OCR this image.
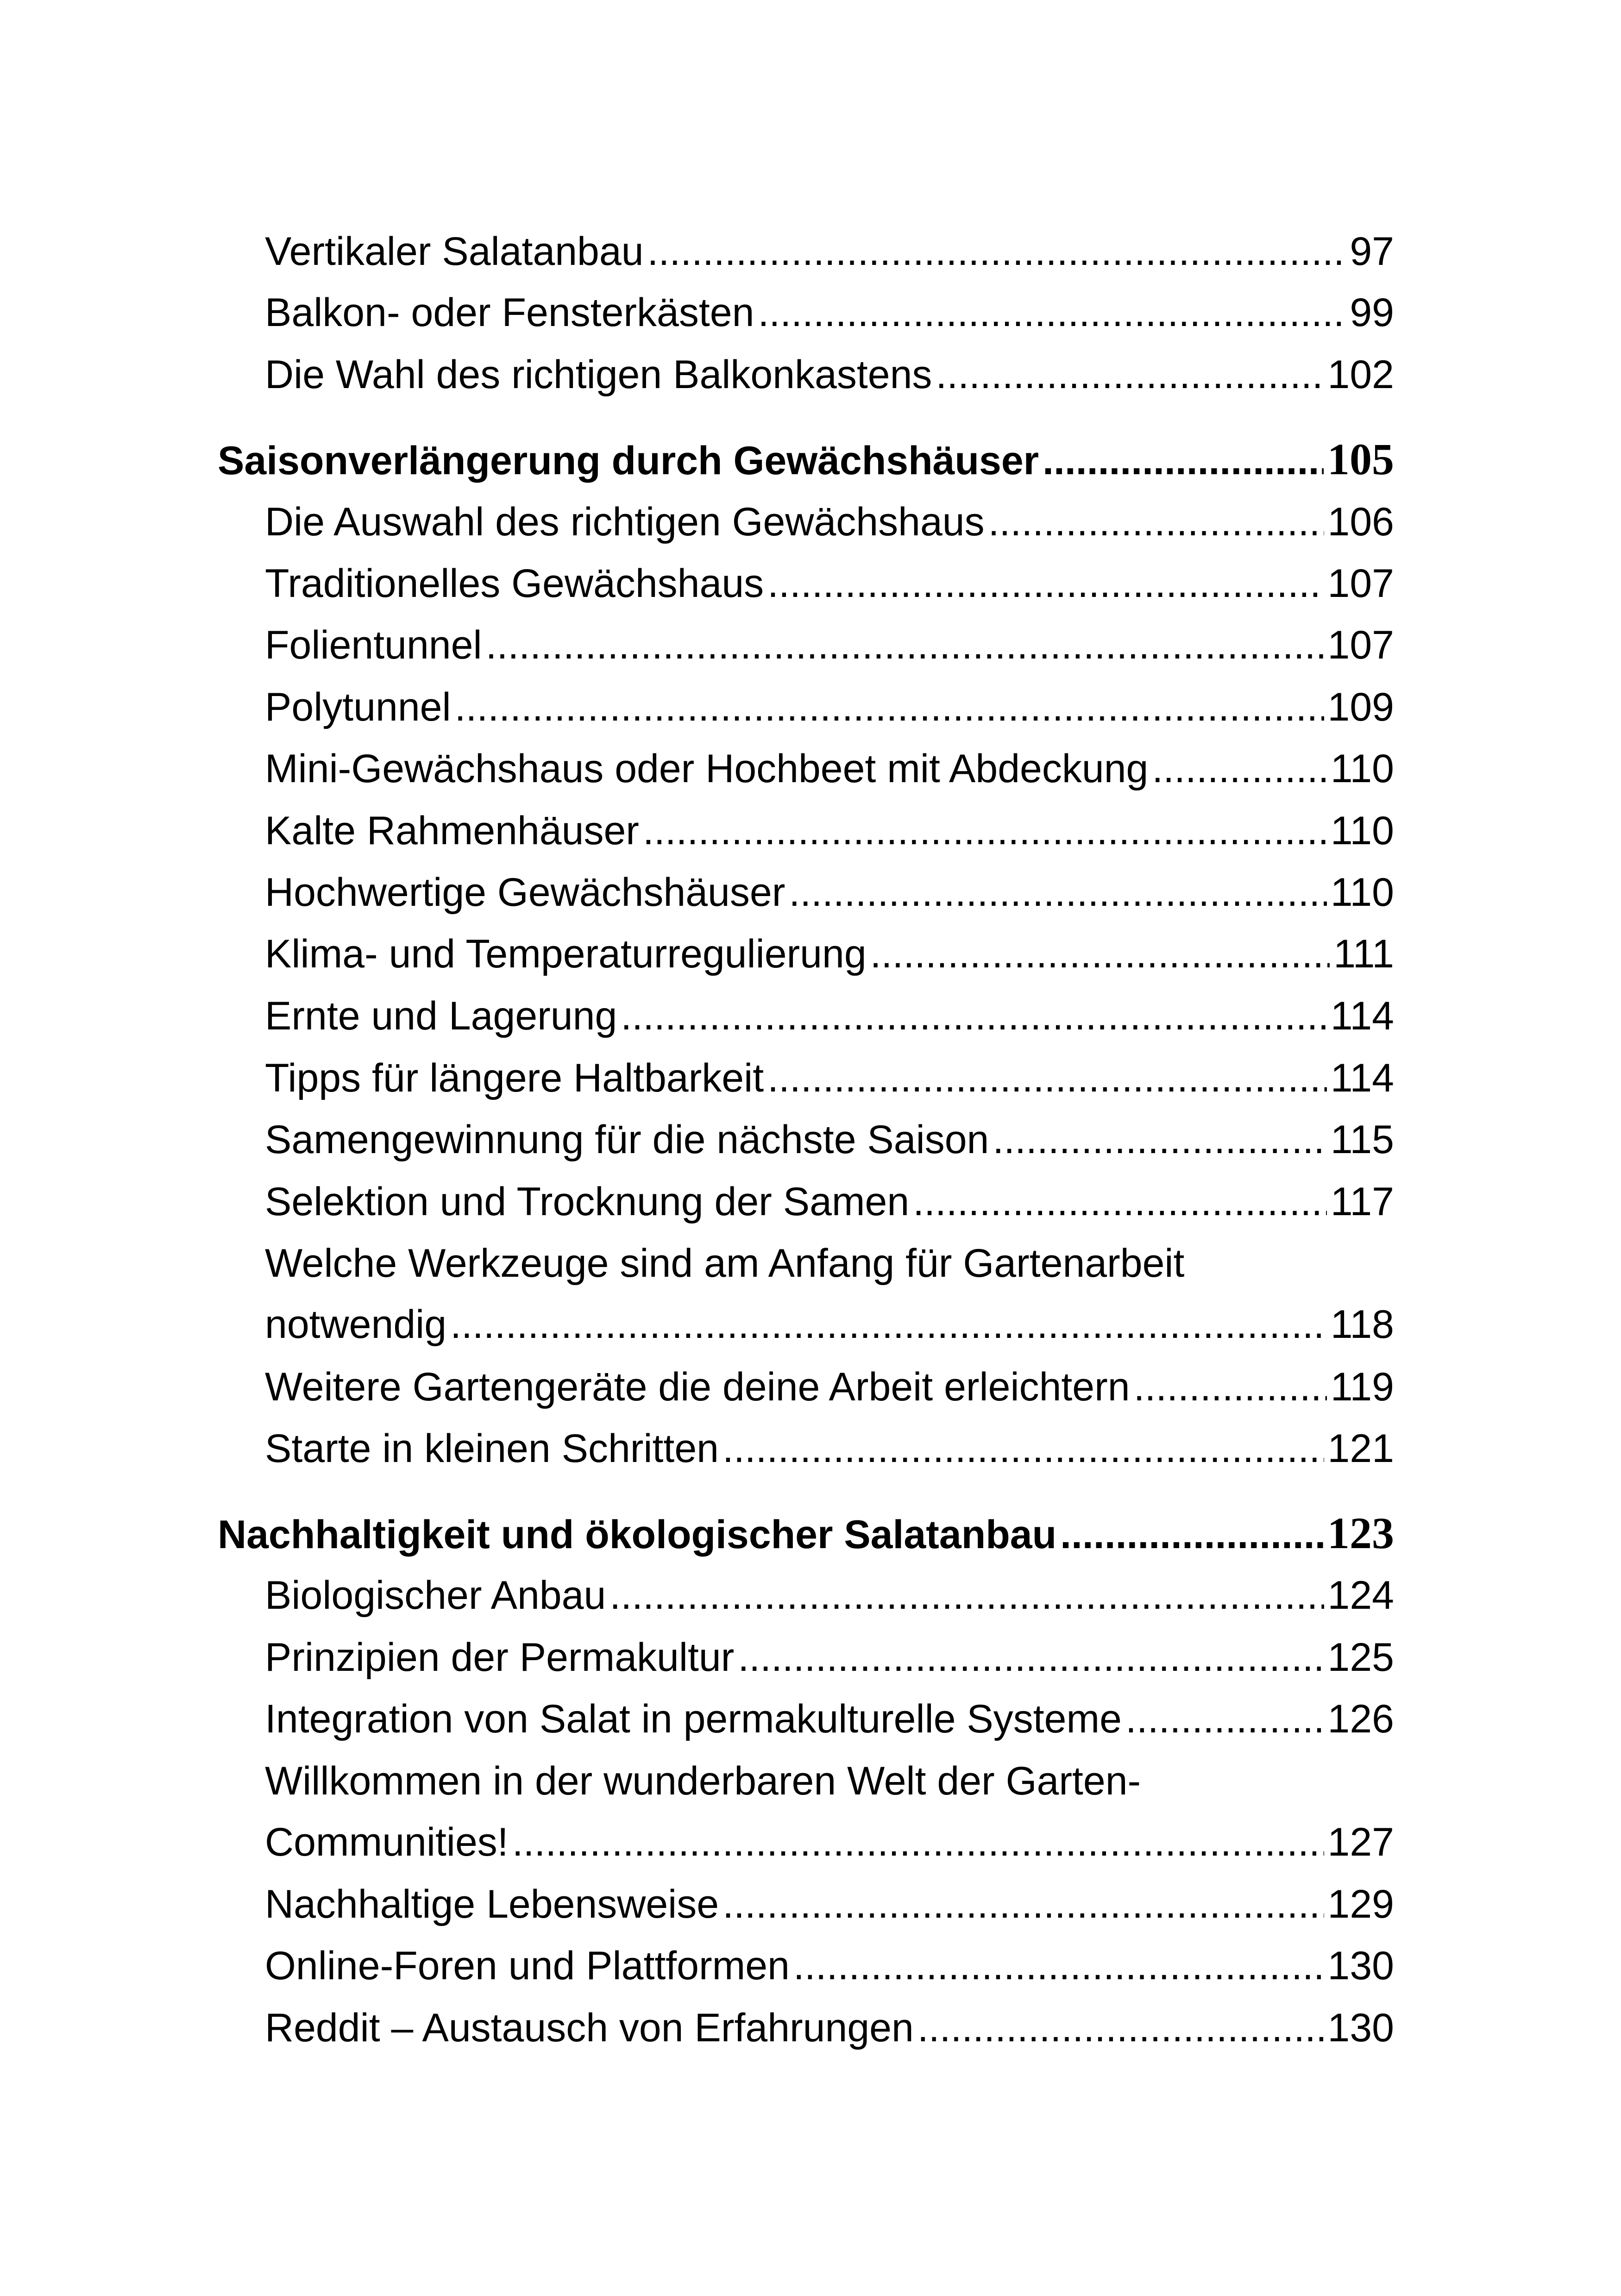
Vertikaler Salatanbau .....	97
Balkon- oder Fensterkästen .....	99
Die Wahl des richtigen Balkonkastens .....	102
Saisonverlängerung durch Gewächshäuser .....	105
Die Auswahl des richtigen Gewächshaus .....	106
Traditionelles Gewächshaus .....	107
Folientunnel .....	107
Polytunnel .....	109
Mini-Gewächshaus oder Hochbeet mit Abdeckung .....	110
Kalte Rahmenhäuser .....	110
Hochwertige Gewächshäuser .....	110
Klima- und Temperaturregulierung .....	111
Ernte und Lagerung .....	114
Tipps für längere Haltbarkeit .....	114
Samengewinnung für die nächste Saison .....	115
Selektion und Trocknung der Samen .....	117
Welche Werkzeuge sind am Anfang für Gartenarbeit
notwendig .....	118
Weitere Gartengeräte die deine Arbeit erleichtern .....	119
Starte in kleinen Schritten .....	121
Nachhaltigkeit und ökologischer Salatanbau .....	123
Biologischer Anbau .....	124
Prinzipien der Permakultur .....	125
Integration von Salat in permakulturelle Systeme .....	126
Willkommen in der wunderbaren Welt der Garten-
Communities! .....	127
Nachhaltige Lebensweise .....	129
Online-Foren und Plattformen .....	130
Reddit – Austausch von Erfahrungen .....	130
